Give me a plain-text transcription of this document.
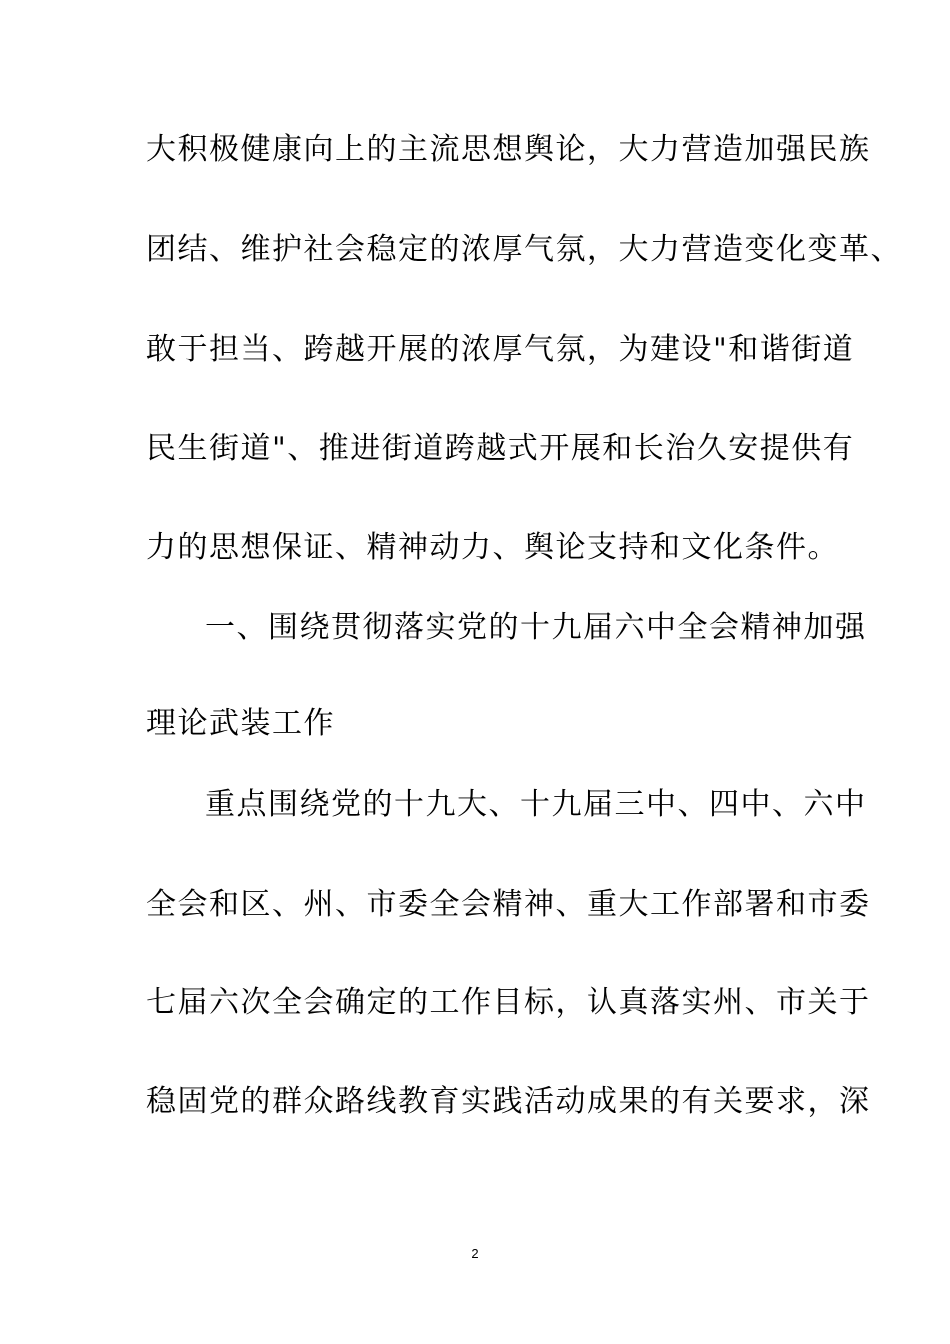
大积极健康向上的主流思想舆论，大力营造加强民族
团结、维护社会稳定的浓厚气氛，大力营造变化变革、
敢于担当、跨越开展的浓厚气氛，为建设"和谐街道
民生街道"、推进街道跨越式开展和长治久安提供有
力的思想保证、精神动力、舆论支持和文化条件。
一、围绕贯彻落实党的十九届六中全会精神加强
理论武装工作
重点围绕党的十九大、十九届三中、四中、六中
全会和区、州、市委全会精神、重大工作部署和市委
七届六次全会确定的工作目标，认真落实州、市关于
稳固党的群众路线教育实践活动成果的有关要求，深
2
